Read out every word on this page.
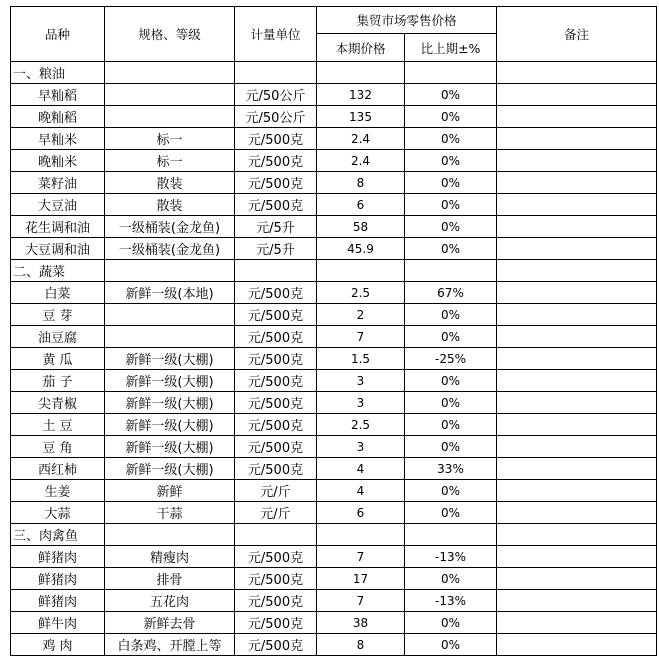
品种	规格、等级	计量单位	集贸市场零售价格		备注
			本期价格	比上期±%	
一、粮油					
早籼稻		元/50公斤	132	0%	
晚籼稻		元/50公斤	135	0%	
早籼米	标一	元/500克	2.4	0%	
晚籼米	标一	元/500克	2.4	0%	
菜籽油	散装	元/500克	8	0%	
大豆油	散装	元/500克	6	0%	
花生调和油	一级桶装(金龙鱼)	元/5升	58	0%	
大豆调和油	一级桶装(金龙鱼)	元/5升	45.9	0%	
二、蔬菜					
白菜	新鲜一级(本地)	元/500克	2.5	67%	
豆 芽		元/500克	2	0%	
油豆腐		元/500克	7	0%	
黄 瓜	新鲜一级(大棚)	元/500克	1.5	-25%	
茄 子	新鲜一级(大棚)	元/500克	3	0%	
尖青椒	新鲜一级(大棚)	元/500克	3	0%	
土 豆	新鲜一级(大棚)	元/500克	2.5	0%	
豆 角	新鲜一级(大棚)	元/500克	3	0%	
西红柿	新鲜一级(大棚)	元/500克	4	33%	
生姜	新鲜	元/斤	4	0%	
大蒜	干蒜	元/斤	6	0%	
三、肉禽鱼					
鲜猪肉	精瘦肉	元/500克	7	-13%	
鲜猪肉	排骨	元/500克	17	0%	
鲜猪肉	五花肉	元/500克	7	-13%	
鲜牛肉	新鲜去骨	元/500克	38	0%	
鸡 肉	白条鸡、开膛上等	元/500克	8	0%	
